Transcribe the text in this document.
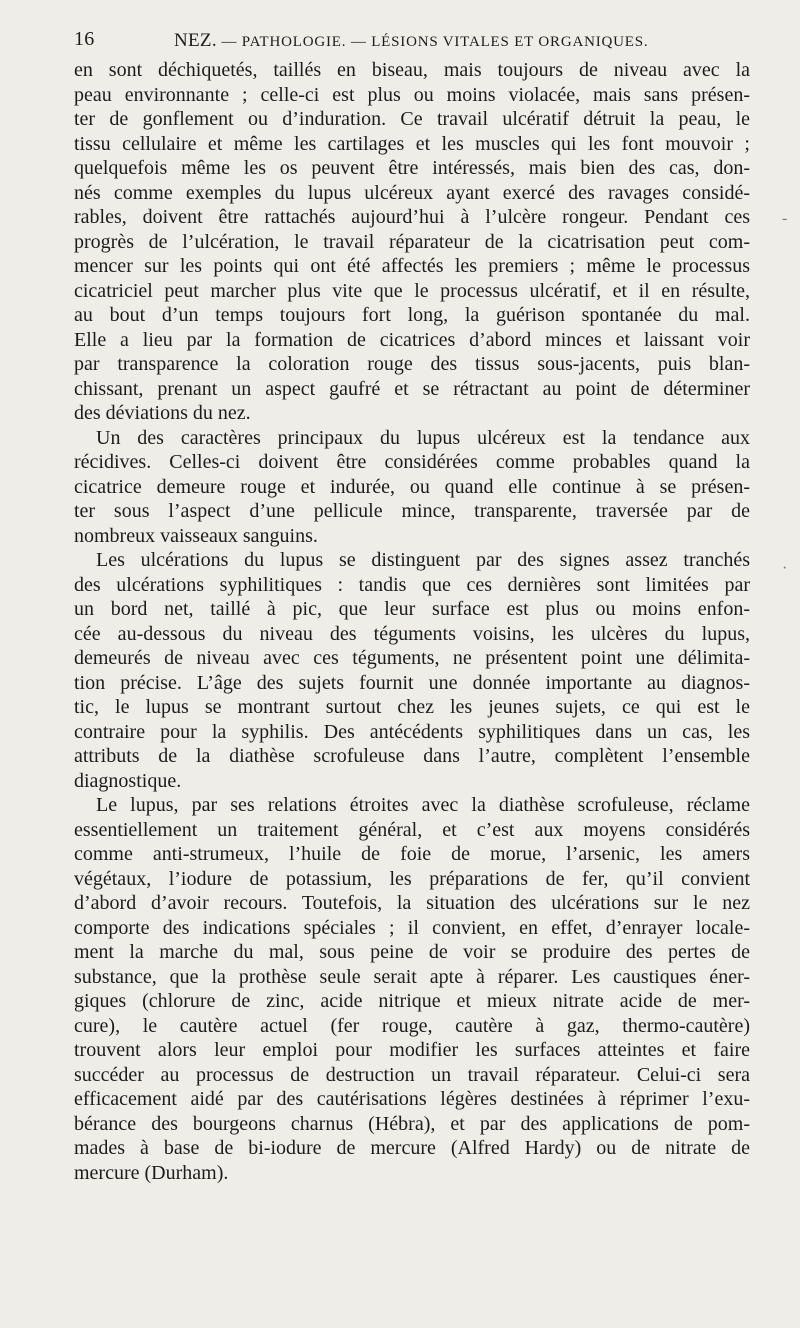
16	NEZ. — PATHOLOGIE. — LÉSIONS VITALES ET ORGANIQUES.
en sont déchiquetés, taillés en biseau, mais toujours de niveau avec la
peau environnante ; celle-ci est plus ou moins violacée, mais sans présen-
ter de gonflement ou d’induration. Ce travail ulcératif détruit la peau, le
tissu cellulaire et même les cartilages et les muscles qui les font mouvoir ;
quelquefois même les os peuvent être intéressés, mais bien des cas, don-
nés comme exemples du lupus ulcéreux ayant exercé des ravages considé-
rables, doivent être rattachés aujourd’hui à l’ulcère rongeur. Pendant ces
progrès de l’ulcération, le travail réparateur de la cicatrisation peut com-
mencer sur les points qui ont été affectés les premiers ; même le processus
cicatriciel peut marcher plus vite que le processus ulcératif, et il en résulte,
au bout d’un temps toujours fort long, la guérison spontanée du mal.
Elle a lieu par la formation de cicatrices d’abord minces et laissant voir
par transparence la coloration rouge des tissus sous-jacents, puis blan-
chissant, prenant un aspect gaufré et se rétractant au point de déterminer
des déviations du nez.
Un des caractères principaux du lupus ulcéreux est la tendance aux
récidives. Celles-ci doivent être considérées comme probables quand la
cicatrice demeure rouge et indurée, ou quand elle continue à se présen-
ter sous l’aspect d’une pellicule mince, transparente, traversée par de
nombreux vaisseaux sanguins.
Les ulcérations du lupus se distinguent par des signes assez tranchés
des ulcérations syphilitiques : tandis que ces dernières sont limitées par
un bord net, taillé à pic, que leur surface est plus ou moins enfon-
cée au-dessous du niveau des téguments voisins, les ulcères du lupus,
demeurés de niveau avec ces téguments, ne présentent point une délimita-
tion précise. L’âge des sujets fournit une donnée importante au diagnos-
tic, le lupus se montrant surtout chez les jeunes sujets, ce qui est le
contraire pour la syphilis. Des antécédents syphilitiques dans un cas, les
attributs de la diathèse scrofuleuse dans l’autre, complètent l’ensemble
diagnostique.
Le lupus, par ses relations étroites avec la diathèse scrofuleuse, réclame
essentiellement un traitement général, et c’est aux moyens considérés
comme anti-strumeux, l’huile de foie de morue, l’arsenic, les amers
végétaux, l’iodure de potassium, les préparations de fer, qu’il convient
d’abord d’avoir recours. Toutefois, la situation des ulcérations sur le nez
comporte des indications spéciales ; il convient, en effet, d’enrayer locale-
ment la marche du mal, sous peine de voir se produire des pertes de
substance, que la prothèse seule serait apte à réparer. Les caustiques éner-
giques (chlorure de zinc, acide nitrique et mieux nitrate acide de mer-
cure), le cautère actuel (fer rouge, cautère à gaz, thermo-cautère)
trouvent alors leur emploi pour modifier les surfaces atteintes et faire
succéder au processus de destruction un travail réparateur. Celui-ci sera
efficacement aidé par des cautérisations légères destinées à réprimer l’exu-
bérance des bourgeons charnus (Hébra), et par des applications de pom-
mades à base de bi-iodure de mercure (Alfred Hardy) ou de nitrate de
mercure (Durham).
-
·
